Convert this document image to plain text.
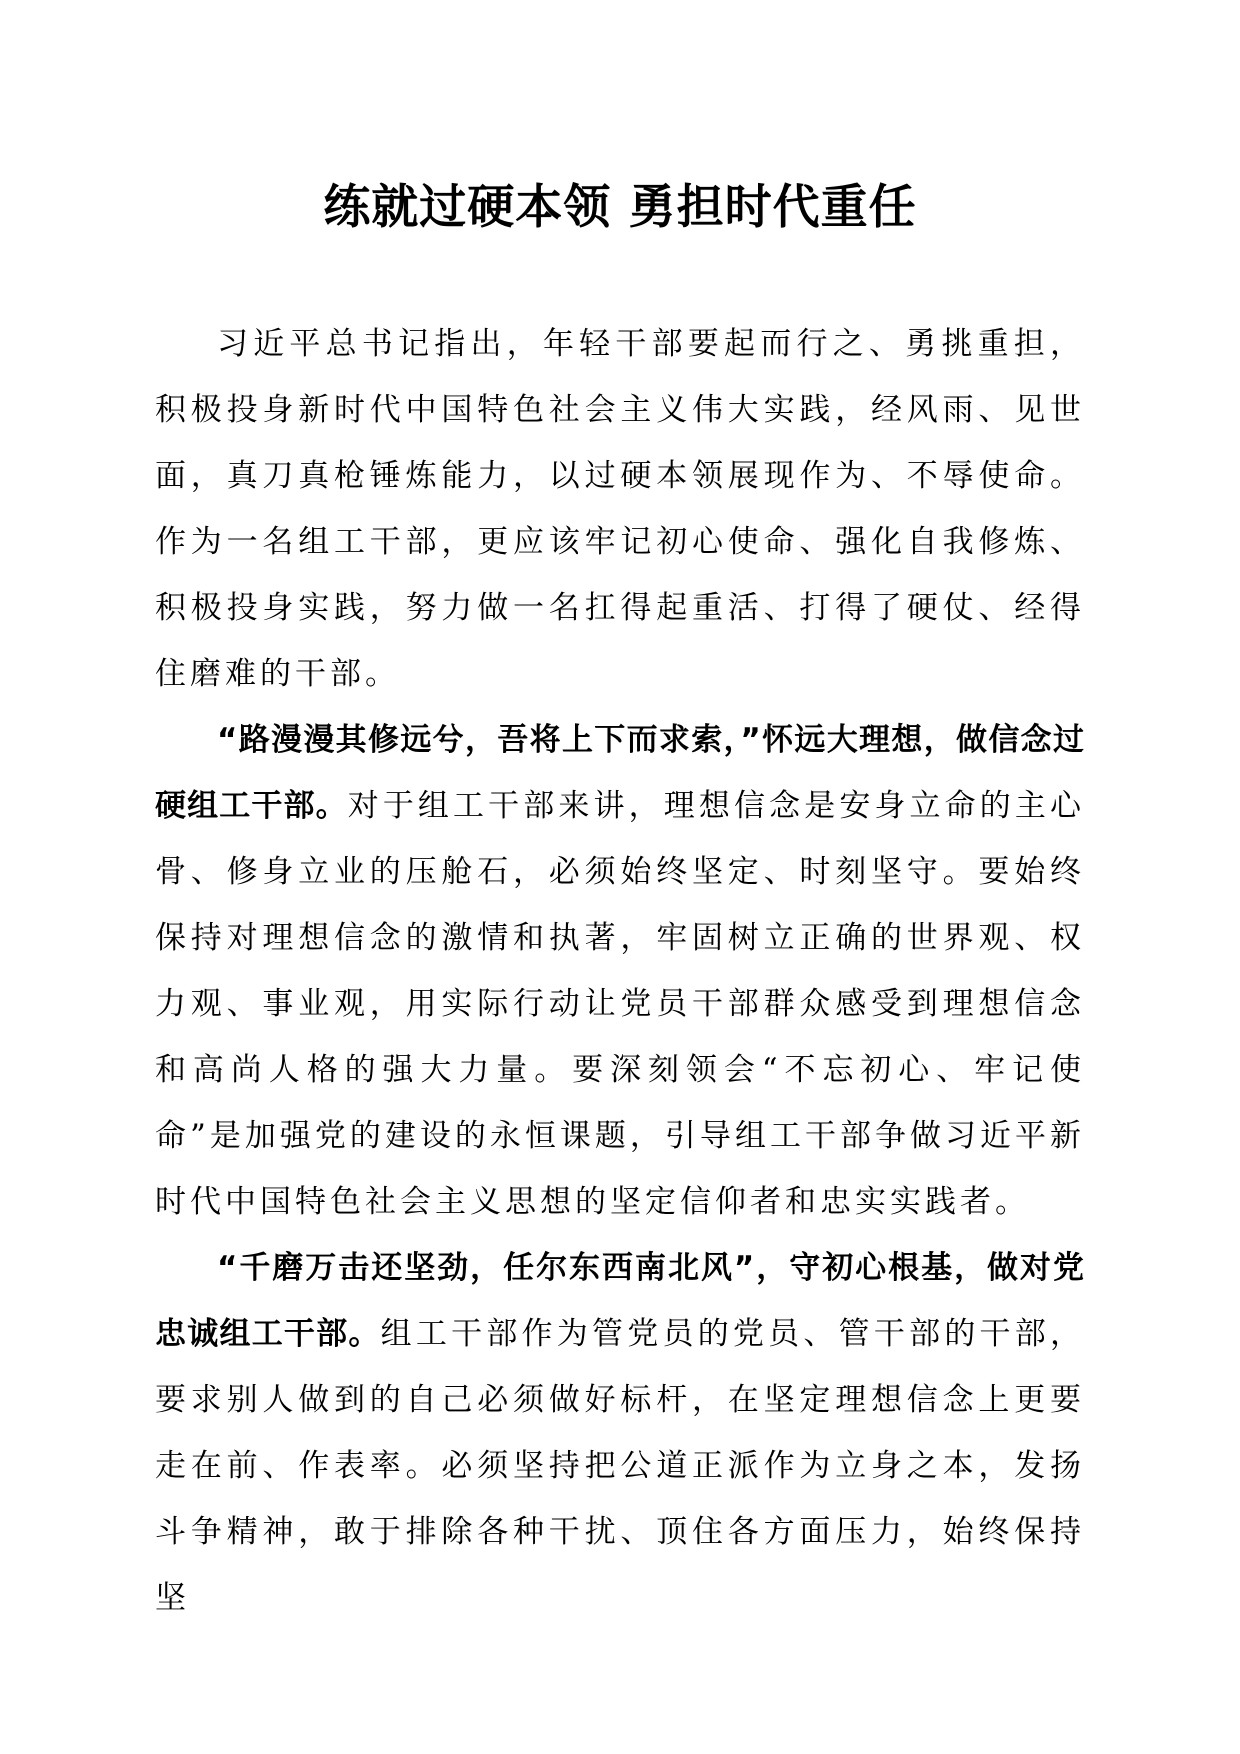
练就过硬本领 勇担时代重任

习近平总书记指出，年轻干部要起而行之、勇挑重担，积极投身新时代中国特色社会主义伟大实践，经风雨、见世面，真刀真枪锤炼能力，以过硬本领展现作为、不辱使命。作为一名组工干部，更应该牢记初心使命、强化自我修炼、积极投身实践，努力做一名扛得起重活、打得了硬仗、经得住磨难的干部。

“路漫漫其修远兮，吾将上下而求索，”怀远大理想，做信念过硬组工干部。对于组工干部来讲，理想信念是安身立命的主心骨、修身立业的压舱石，必须始终坚定、时刻坚守。要始终保持对理想信念的激情和执著，牢固树立正确的世界观、权力观、事业观，用实际行动让党员干部群众感受到理想信念和高尚人格的强大力量。要深刻领会“不忘初心、牢记使命”是加强党的建设的永恒课题，引导组工干部争做习近平新时代中国特色社会主义思想的坚定信仰者和忠实实践者。

“千磨万击还坚劲，任尔东西南北风”，守初心根基，做对党忠诚组工干部。组工干部作为管党员的党员、管干部的干部，要求别人做到的自己必须做好标杆，在坚定理想信念上更要走在前、作表率。必须坚持把公道正派作为立身之本，发扬斗争精神，敢于排除各种干扰、顶住各方面压力，始终保持坚
